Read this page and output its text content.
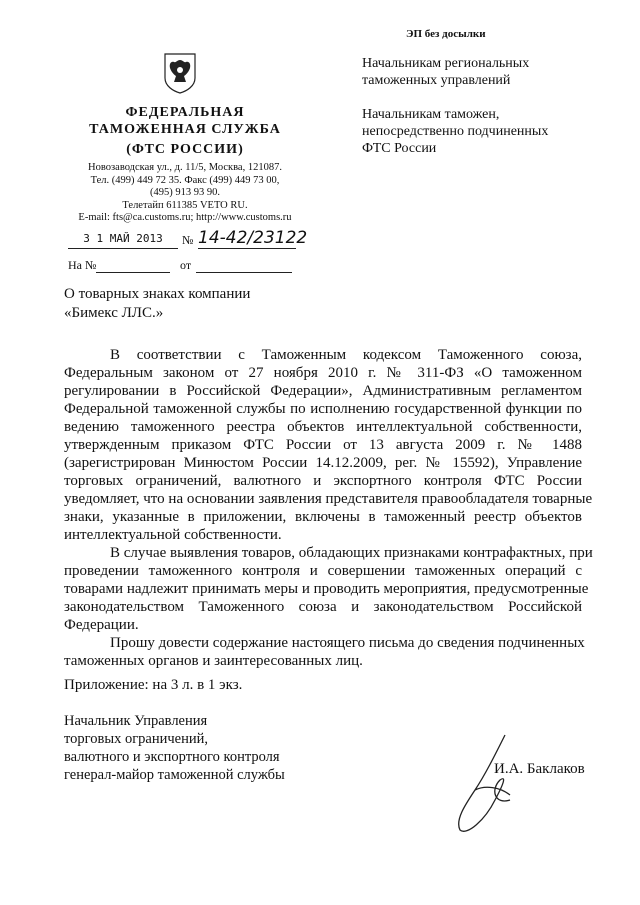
ФЕДЕРАЛЬНАЯ
ТАМОЖЕННАЯ СЛУЖБА
(ФТС РОССИИ)
Новозаводская ул., д. 11/5, Москва, 121087.
Тел. (499) 449 72 35. Факс (499) 449 73 00,
(495) 913 93 90.
Телетайп 611385 VETO RU.
E-mail: fts@ca.customs.ru; http://www.customs.ru
3 1 МАЙ 2013	№ 14-42/23122
На №	от
ЭП без досылки
Начальникам региональных
таможенных управлений
Начальникам таможен,
непосредственно подчиненных
ФТС России
О товарных знаках компании
«Бимекс ЛЛС.»
В соответствии с Таможенным кодексом Таможенного союза,
Федеральным законом от 27 ноября 2010 г. № 311-ФЗ «О таможенном
регулировании в Российской Федерации», Административным регламентом
Федеральной таможенной службы по исполнению государственной функции по
ведению таможенного реестра объектов интеллектуальной собственности,
утвержденным приказом ФТС России от 13 августа 2009 г. № 1488
(зарегистрирован Минюстом России 14.12.2009, рег. № 15592), Управление
торговых ограничений, валютного и экспортного контроля ФТС России
уведомляет, что на основании заявления представителя правообладателя товарные
знаки, указанные в приложении, включены в таможенный реестр объектов
интеллектуальной собственности.
В случае выявления товаров, обладающих признаками контрафактных, при
проведении таможенного контроля и совершении таможенных операций с
товарами надлежит принимать меры и проводить мероприятия, предусмотренные
законодательством Таможенного союза и законодательством Российской
Федерации.
Прошу довести содержание настоящего письма до сведения подчиненных
таможенных органов и заинтересованных лиц.
Приложение: на 3 л. в 1 экз.
Начальник Управления
торговых ограничений,
валютного и экспортного контроля
генерал-майор таможенной службы	И.А. Баклаков
